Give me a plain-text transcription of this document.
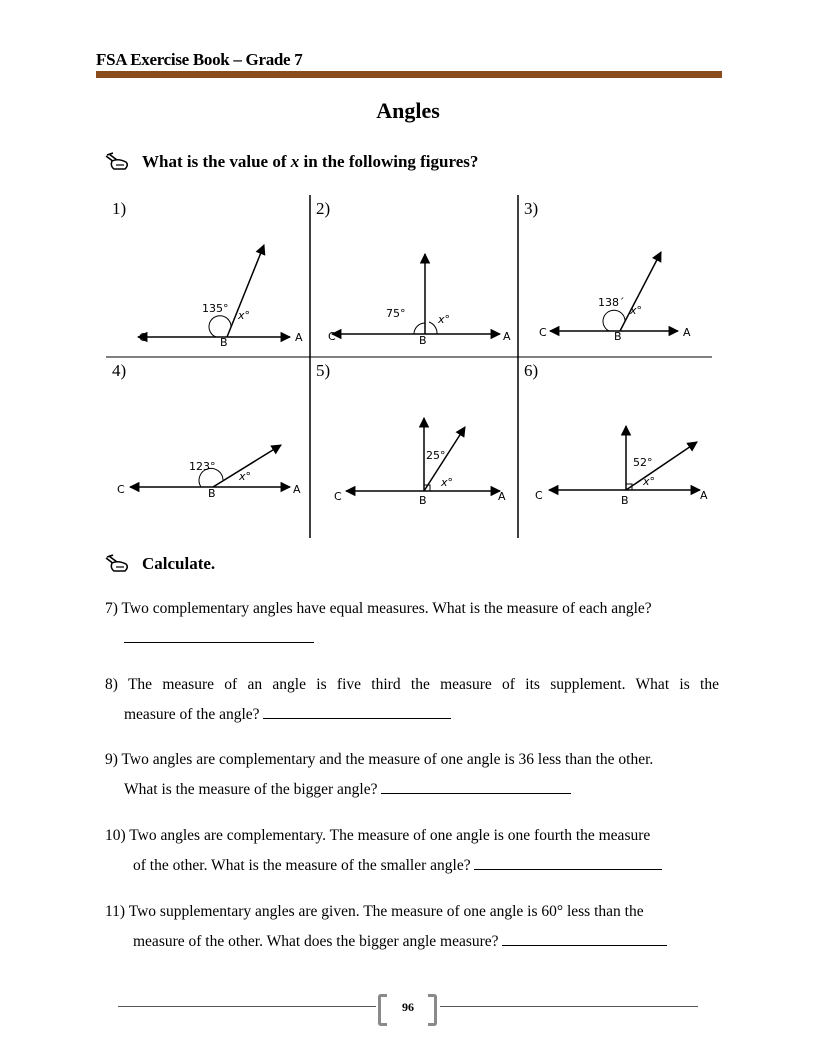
FSA Exercise Book – Grade 7
Angles
What is the value of x in the following figures?
135°
x°
C	B	A
75°	x°
C	B	A
138´
x°
C	B	A
123°
x°
C	B	A
25°
x°
C	B	A
52°
x°
C	B	A
1)	2)	3)
4)	5)	6)
Calculate.
7) Two complementary angles have equal measures. What is the measure of each angle?
8) The measure of an angle is five third the measure of its supplement. What is the
measure of the angle?
9) Two angles are complementary and the measure of one angle is 36 less than the other.
What is the measure of the bigger angle?
10) Two angles are complementary. The measure of one angle is one fourth the measure
of the other. What is the measure of the smaller angle?
11) Two supplementary angles are given. The measure of one angle is 60° less than the
measure of the other. What does the bigger angle measure?
96
